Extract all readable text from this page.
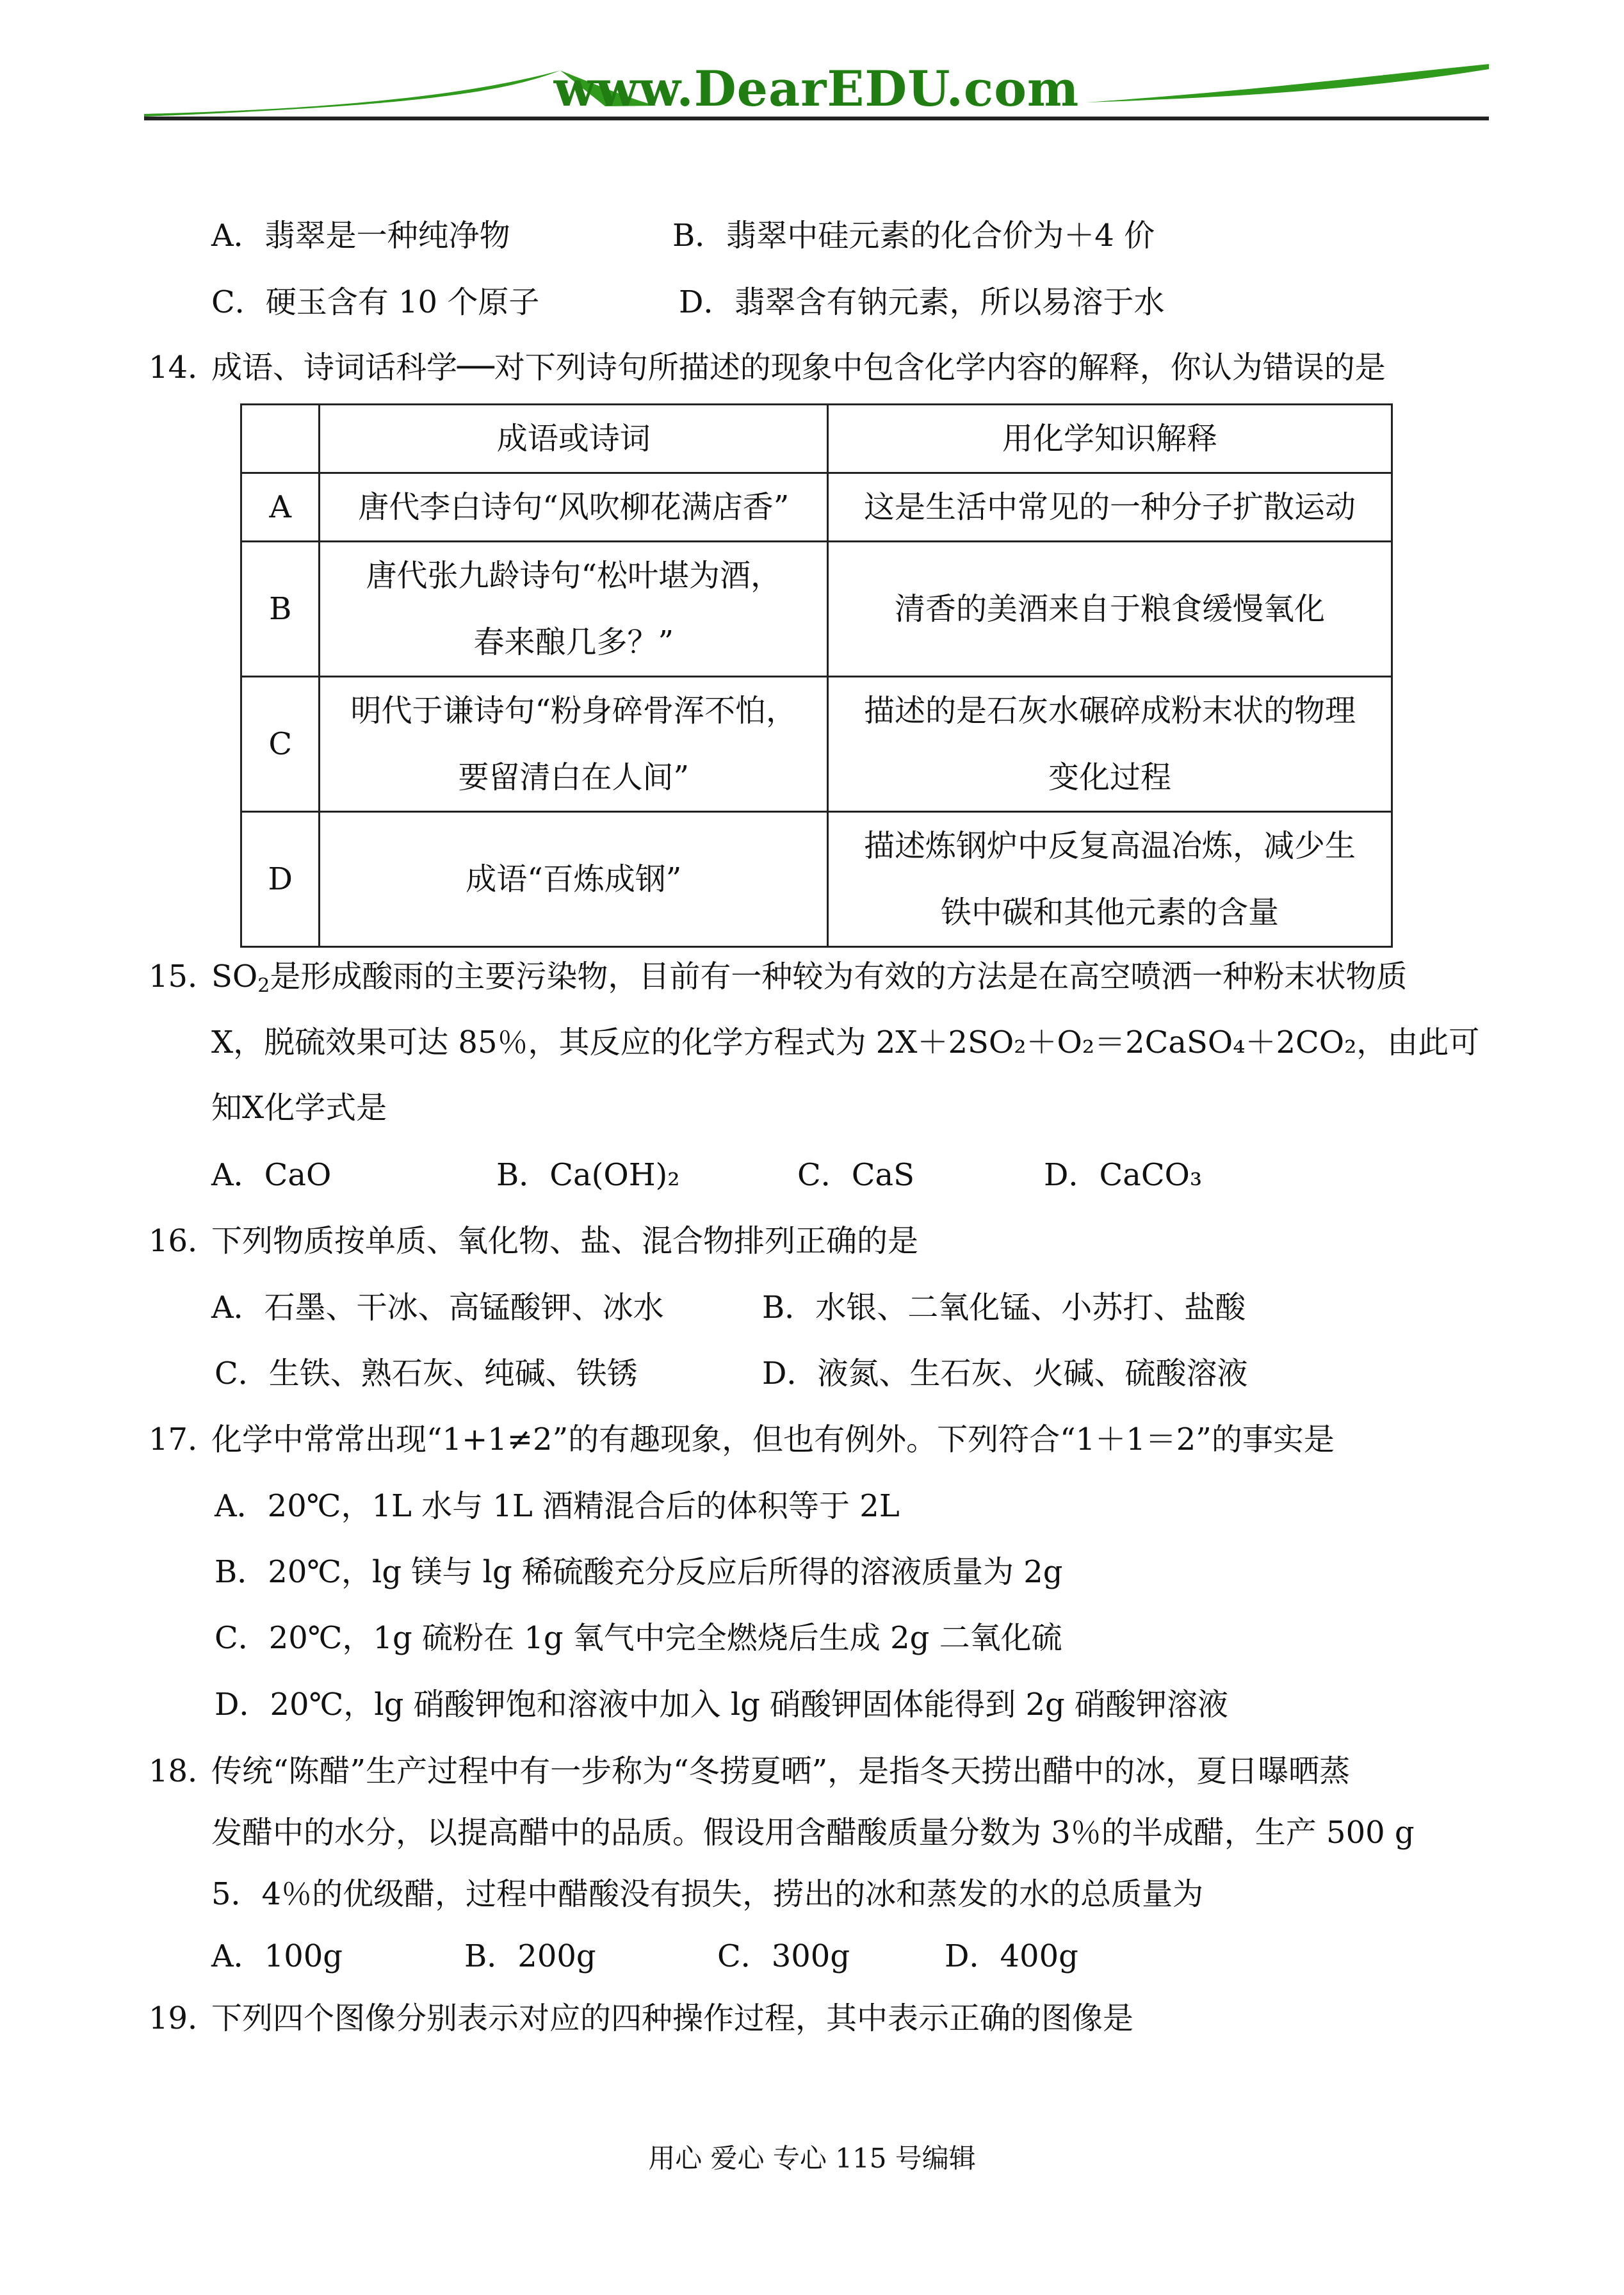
www.DearEDU.com
A．翡翠是一种纯净物	B．翡翠中硅元素的化合价为＋4 价
C．硬玉含有 10 个原子	D．翡翠含有钠元素，所以易溶于水
14．
成语、诗词话科学──对下列诗句所描述的现象中包含化学内容的解释，你认为错误的是
	成语或诗词	用化学知识解释
A	唐代李白诗句“风吹柳花满店香”	这是生活中常见的一种分子扩散运动
B	唐代张九龄诗句“松叶堪为酒，
春来酿几多？”	清香的美酒来自于粮食缓慢氧化
C	明代于谦诗句“粉身碎骨浑不怕，
要留清白在人间”	描述的是石灰水碾碎成粉末状的物理
变化过程

D	成语“百炼成钢”	描述炼钢炉中反复高温冶炼，减少生
铁中碳和其他元素的含量
15．
$SO_2$是形成酸雨的主要污染物，目前有一种较为有效的方法是在高空喷洒一种粉末状物质
X，脱硫效果可达 85％，其反应的化学方程式为 2X＋2SO₂＋O₂＝2CaSO₄＋2CO₂，由此可
知X化学式是
A．CaO	B．Ca(OH)₂	C．CaS	D．CaCO₃
16．
下列物质按单质、氧化物、盐、混合物排列正确的是
A．石墨、干冰、高锰酸钾、冰水	B．水银、二氧化锰、小苏打、盐酸
C．生铁、熟石灰、纯碱、铁锈	D．液氮、生石灰、火碱、硫酸溶液
17．
化学中常常出现“1+1≠2”的有趣现象，但也有例外。下列符合“1＋1＝2”的事实是
A．20℃，1L 水与 1L 酒精混合后的体积等于 2L
B．20℃，lg 镁与 lg 稀硫酸充分反应后所得的溶液质量为 2g
C．20℃，1g 硫粉在 1g 氧气中完全燃烧后生成 2g 二氧化硫
D．20℃，lg 硝酸钾饱和溶液中加入 lg 硝酸钾固体能得到 2g 硝酸钾溶液
18．
传统“陈醋”生产过程中有一步称为“冬捞夏晒”，是指冬天捞出醋中的冰，夏日曝晒蒸
发醋中的水分，以提高醋中的品质。假设用含醋酸质量分数为 3％的半成醋，生产 500 g
5．4％的优级醋，过程中醋酸没有损失，捞出的冰和蒸发的水的总质量为
A．100g	B．200g	C．300g	D．400g
19．
下列四个图像分别表示对应的四种操作过程，其中表示正确的图像是
用心 爱心 专心 115 号编辑
